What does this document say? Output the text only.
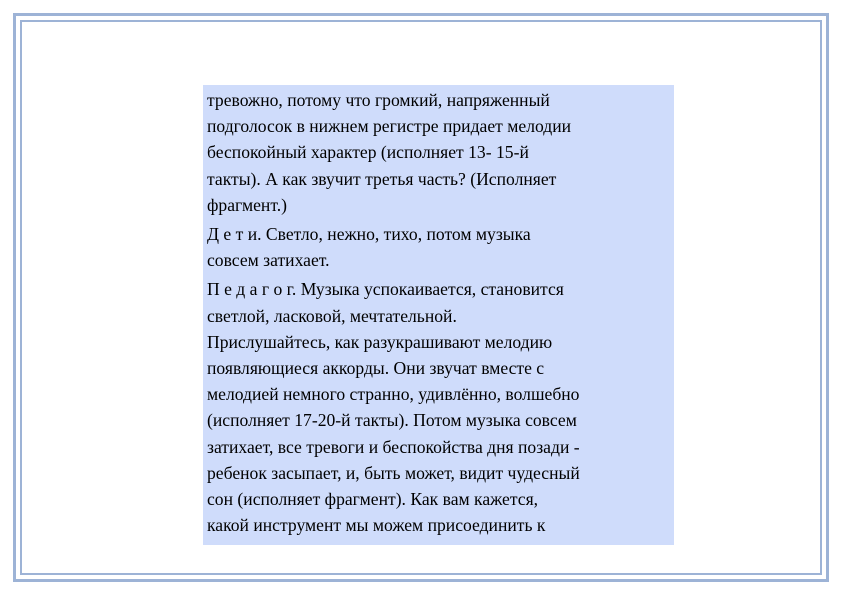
тревожно, потому что громкий, напряженный
подголосок в нижнем регистре придает мелодии
беспокойный характер (исполняет 13- 15-й
такты). А как звучит третья часть? (Исполняет
фрагмент.)
Д е т и. Светло, нежно, тихо, потом музыка
совсем затихает.
П е д а г о г. Музыка успокаивается, становится
светлой, ласковой, мечтательной.
Прислушайтесь, как разукрашивают мелодию
появляющиеся аккорды. Они звучат вместе с
мелодией немного странно, удивлённо, волшебно
(исполняет 17-20-й такты). Потом музыка совсем
затихает, все тревоги и беспокойства дня позади -
ребенок засыпает, и, быть может, видит чудесный
сон (исполняет фрагмент). Как вам кажется,
какой инструмент мы можем присоединить к
